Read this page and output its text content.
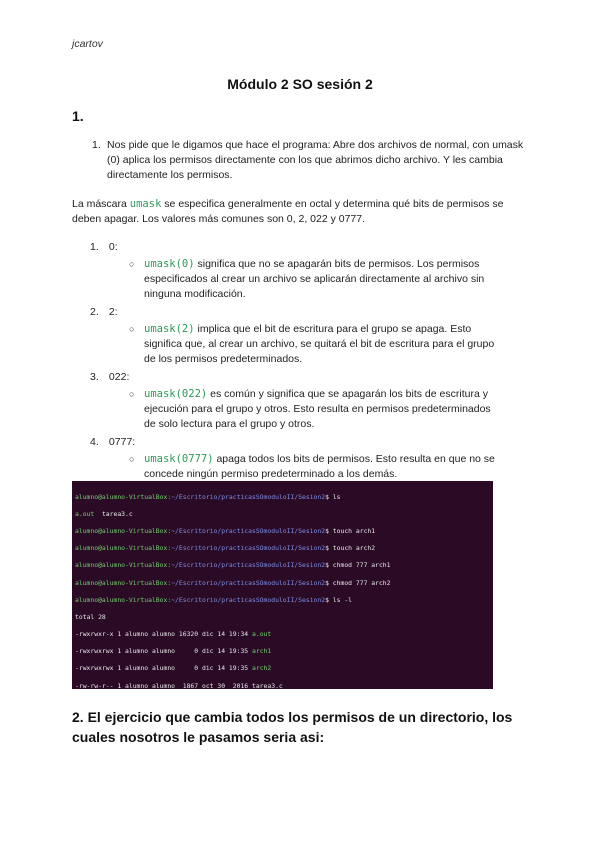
jcartov
Módulo 2 SO sesión 2
1.
1. Nos pide que le digamos que hace el programa: Abre dos archivos de normal, con umask (0) aplica los permisos directamente con los que abrimos dicho archivo. Y les cambia directamente los permisos.
La máscara umask se especifica generalmente en octal y determina qué bits de permisos se deben apagar. Los valores más comunes son 0, 2, 022 y 0777.
1. 0:
○ umask(0) significa que no se apagarán bits de permisos. Los permisos especificados al crear un archivo se aplicarán directamente al archivo sin ninguna modificación.
2. 2:
○ umask(2) implica que el bit de escritura para el grupo se apaga. Esto significa que, al crear un archivo, se quitará el bit de escritura para el grupo de los permisos predeterminados.
3. 022:
○ umask(022) es común y significa que se apagarán los bits de escritura y ejecución para el grupo y otros. Esto resulta en permisos predeterminados de solo lectura para el grupo y otros.
4. 0777:
○ umask(0777) apaga todos los bits de permisos. Esto resulta en que no se concede ningún permiso predeterminado a los demás.

alumno@alumno-VirtualBox:~/Escritorio/practicasSOmoduloII/Sesion2$ ls

a.out  tarea3.c

alumno@alumno-VirtualBox:~/Escritorio/practicasSOmoduloII/Sesion2$ touch arch1

alumno@alumno-VirtualBox:~/Escritorio/practicasSOmoduloII/Sesion2$ touch arch2

alumno@alumno-VirtualBox:~/Escritorio/practicasSOmoduloII/Sesion2$ chmod 777 arch1

alumno@alumno-VirtualBox:~/Escritorio/practicasSOmoduloII/Sesion2$ chmod 777 arch2

alumno@alumno-VirtualBox:~/Escritorio/practicasSOmoduloII/Sesion2$ ls -l

total 28

-rwxrwxr-x 1 alumno alumno 16320 dic 14 19:34 a.out

-rwxrwxrwx 1 alumno alumno     0 dic 14 19:35 arch1

-rwxrwxrwx 1 alumno alumno     0 dic 14 19:35 arch2

-rw-rw-r-- 1 alumno alumno  1867 oct 30  2016 tarea3.c

2. El ejercicio que cambia todos los permisos de un directorio, los cuales nosotros le pasamos seria asi:
